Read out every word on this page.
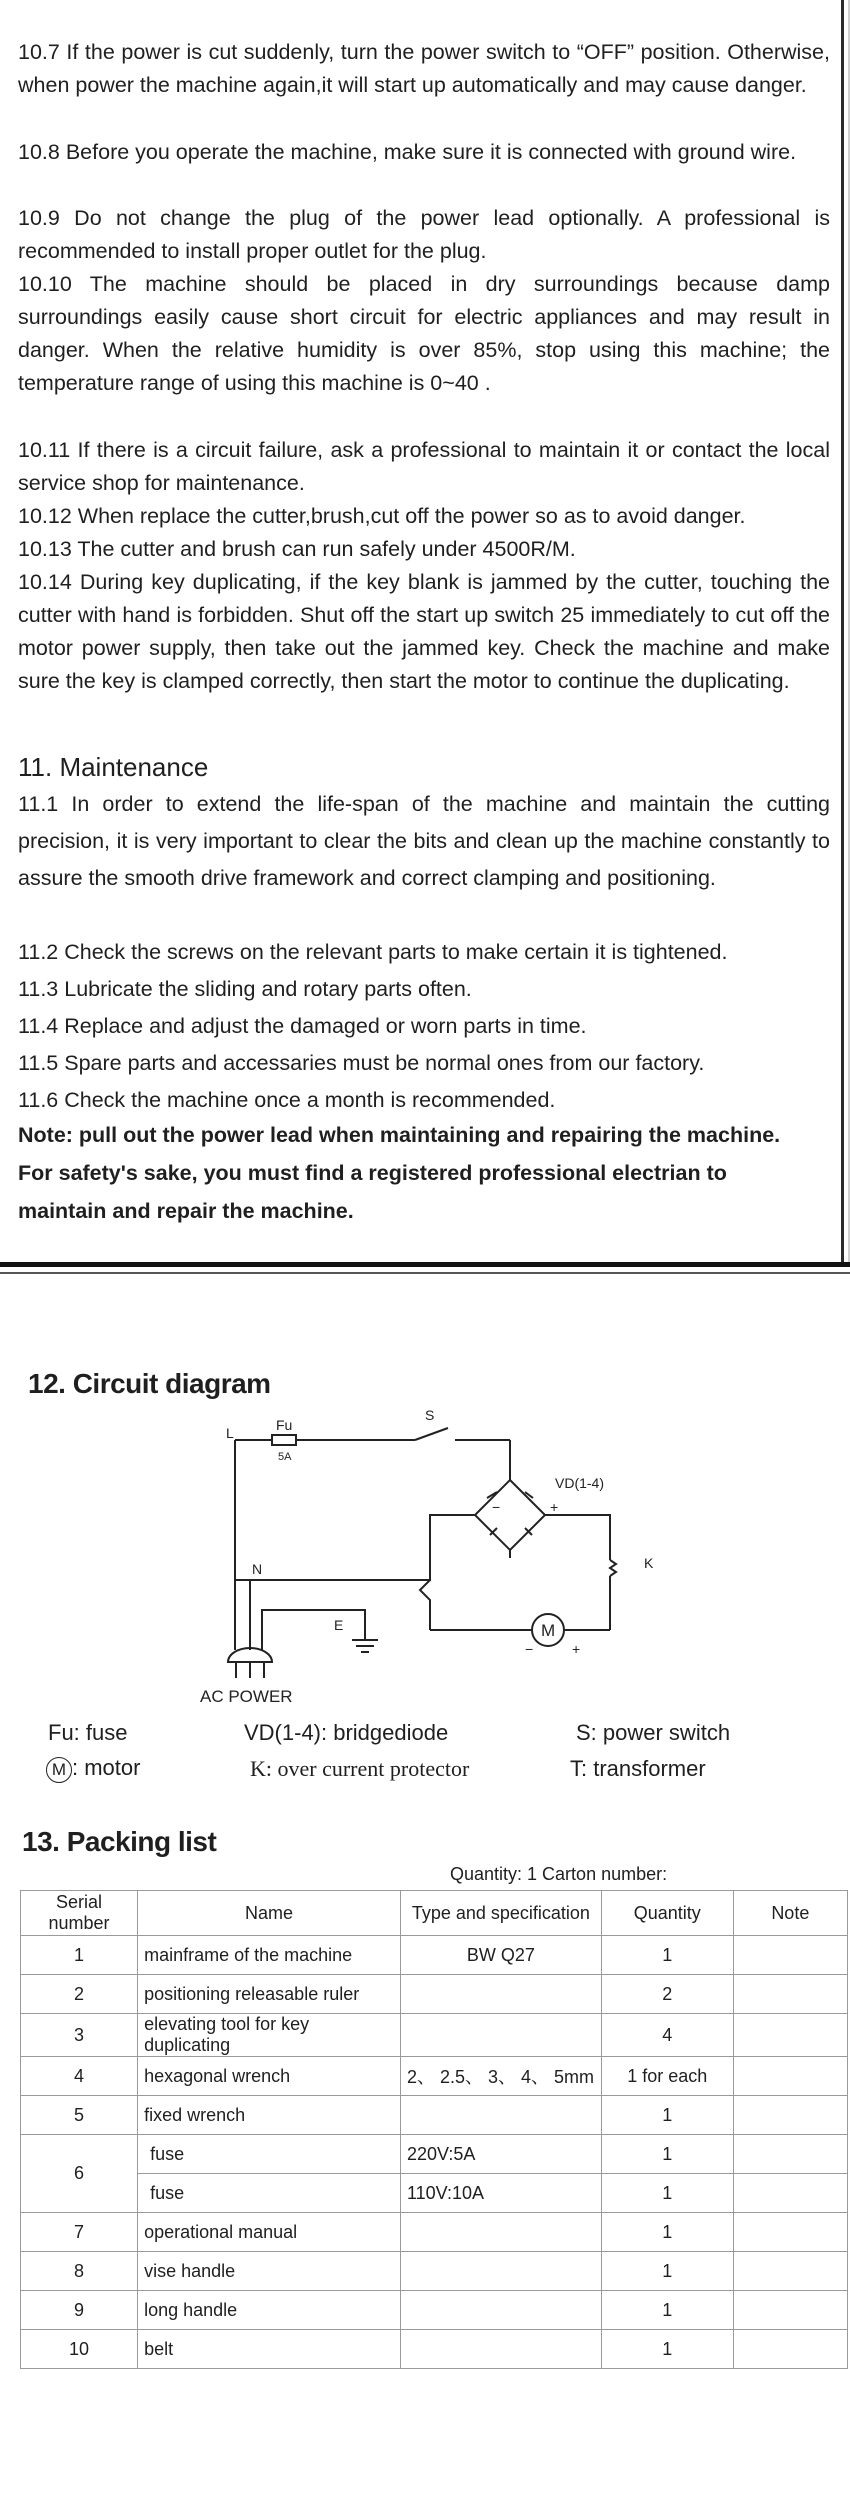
10.7 If the power is cut suddenly, turn the power switch to “OFF” position. Otherwise, when power the machine again,it will start up automatically and may cause danger.
10.8 Before you operate the machine, make sure it is connected with ground wire.
10.9 Do not change the plug of the power lead optionally. A professional is recommended to install proper outlet for the plug.
10.10 The machine should be placed in dry surroundings because damp surroundings easily cause short circuit for electric appliances and may result in danger. When the relative humidity is over 85%, stop using this machine; the temperature range of using this machine is 0~40 .
10.11 If there is a circuit failure, ask a professional to maintain it or contact the local service shop for maintenance.
10.12 When replace the cutter,brush,cut off the power so as to avoid danger.
10.13 The cutter and brush can run safely under 4500R/M.
10.14 During key duplicating, if the key blank is jammed by the cutter, touching the cutter with hand is forbidden. Shut off the start up switch 25 immediately to cut off the motor power supply, then take out the jammed key. Check the machine and make sure the key is clamped correctly, then start the motor to continue the duplicating.
11. Maintenance
11.1 In order to extend the life-span of the machine and maintain the cutting precision, it is very important to clear the bits and clean up the machine constantly to assure the smooth drive framework and correct clamping and positioning.
11.2 Check the screws on the relevant parts to make certain it is tightened.
11.3 Lubricate the sliding and rotary parts often.
11.4 Replace and adjust the damaged or worn parts in time.
11.5 Spare parts and accessaries must be normal ones from our factory.
11.6 Check the machine once a month is recommended.
Note: pull out the power lead when maintaining and repairing the machine. For safety's sake, you must find a registered professional electrian to maintain and repair the machine.
12. Circuit diagram
L	Fu
5A
S
VD(1-4)
−	+
N	K
E	M
−	+
AC POWER
Fu: fuse	VD(1-4): bridgediode	S: power switch
M : motor	K: over current protector	T: transformer
13. Packing list
Quantity: 1 Carton number:
Serial number	Name	Type and specification	Quantity	Note
1	mainframe of the machine	BW Q27	1	
2	positioning releasable ruler		2	
3	elevating tool for key duplicating		4	
4	hexagonal wrench	2、 2.5、 3、 4、 5mm	1 for each	
5	fixed wrench		1	
6	fuse	220V:5A	1	
	fuse	110V:10A	1	
7	operational manual		1	
8	vise handle		1	
9	long handle		1	
10	belt		1	
